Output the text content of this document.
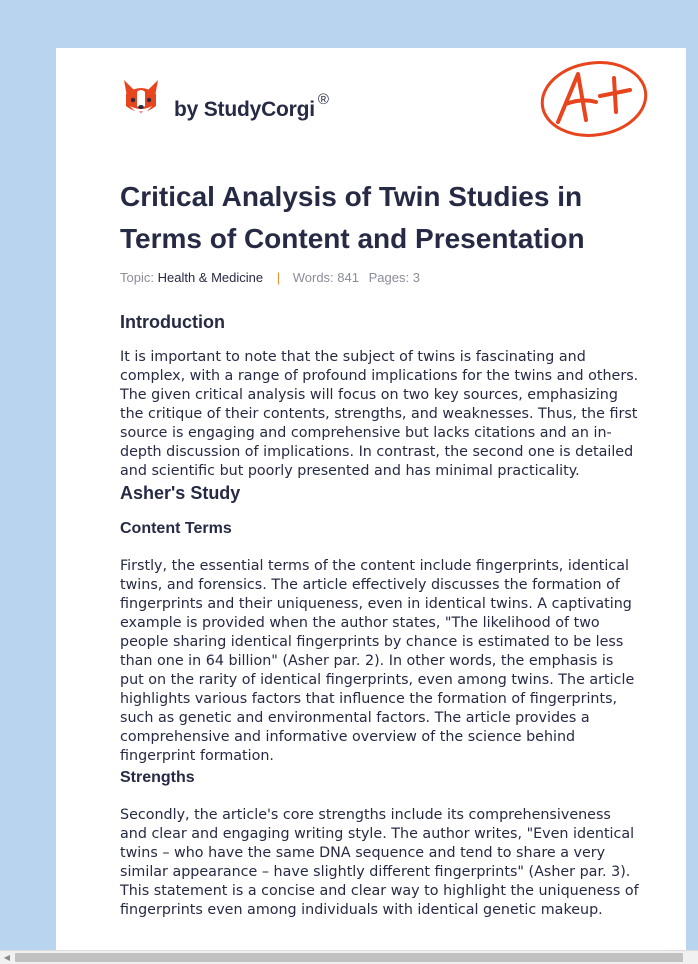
by StudyCorgi ®
Critical Analysis of Twin Studies in Terms of Content and Presentation
Topic: Health & Medicine | Words: 841 Pages: 3
Introduction

It is important to note that the subject of twins is fascinating and complex, with a range of profound implications for the twins and others. The given critical analysis will focus on two key sources, emphasizing the critique of their contents, strengths, and weaknesses. Thus, the first source is engaging and comprehensive but lacks citations and an in-depth discussion of implications. In contrast, the second one is detailed and scientific but poorly presented and has minimal practicality.

Asher's Study
Content Terms

Firstly, the essential terms of the content include fingerprints, identical twins, and forensics. The article effectively discusses the formation of fingerprints and their uniqueness, even in identical twins. A captivating example is provided when the author states, "The likelihood of two people sharing identical fingerprints by chance is estimated to be less than one in 64 billion" (Asher par. 2). In other words, the emphasis is put on the rarity of identical fingerprints, even among twins. The article highlights various factors that influence the formation of fingerprints, such as genetic and environmental factors. The article provides a comprehensive and informative overview of the science behind fingerprint formation.

Strengths

Secondly, the article's core strengths include its comprehensiveness and clear and engaging writing style. The author writes, "Even identical twins – who have the same DNA sequence and tend to share a very similar appearance – have slightly different fingerprints" (Asher par. 3). This statement is a concise and clear way to highlight the uniqueness of fingerprints even among individuals with identical genetic makeup.

◀
